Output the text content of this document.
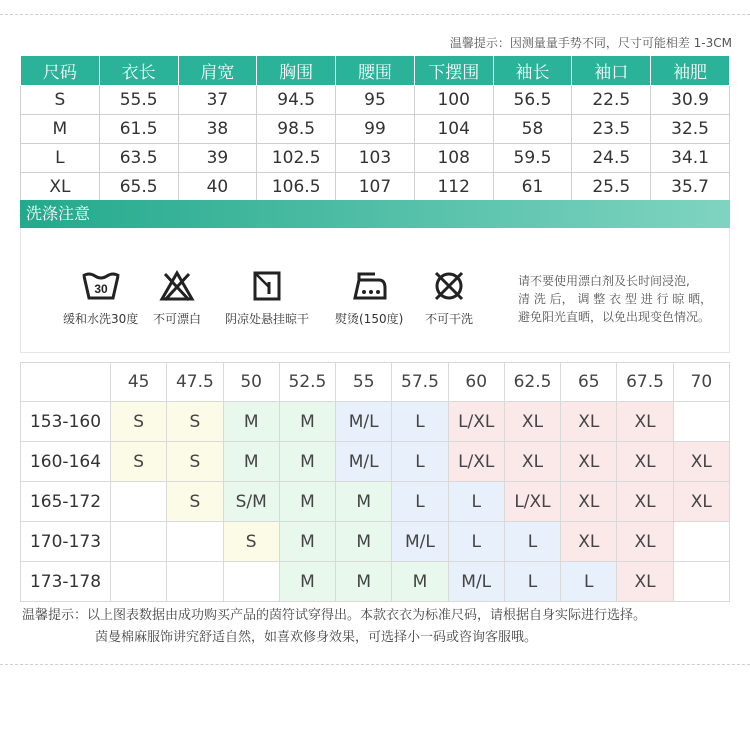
温馨提示：因测量量手势不同，尺寸可能相差 1-3CM
尺码	衣长	肩宽	胸围	腰围	下摆围	袖长	袖口	袖肥
S	55.5	37	94.5	95	100	56.5	22.5	30.9
M	61.5	38	98.5	99	104	58	23.5	32.5
L	63.5	39	102.5	103	108	59.5	24.5	34.1
XL	65.5	40	106.5	107	112	61	25.5	35.7
洗涤注意
30
缓和水洗30度 不可漂白 阴凉处悬挂晾干 熨烫(150度) 不可干洗
请不要使用漂白剂及长时间浸泡,
清 洗 后， 调 整 衣 型 进 行 晾 晒，
避免阳光直晒，以免出现变色情况。
体重(kg)
身高(cm)	45	47.5	50	52.5	55	57.5	60	62.5	65	67.5	70
153-160	S	S	M	M	M/L	L	L/XL	XL	XL	XL	
160-164	S	S	M	M	M/L	L	L/XL	XL	XL	XL	XL
165-172		S	S/M	M	M	L	L	L/XL	XL	XL	XL
170-173			S	M	M	M/L	L	L	XL	XL	
173-178				M	M	M	M/L	L	L	XL	
温馨提示：以上图表数据由成功购买产品的茵符试穿得出。本款衣衣为标准尺码，请根据自身实际进行选择。
茵曼棉麻服饰讲究舒适自然，如喜欢修身效果，可选择小一码或咨询客服哦。
